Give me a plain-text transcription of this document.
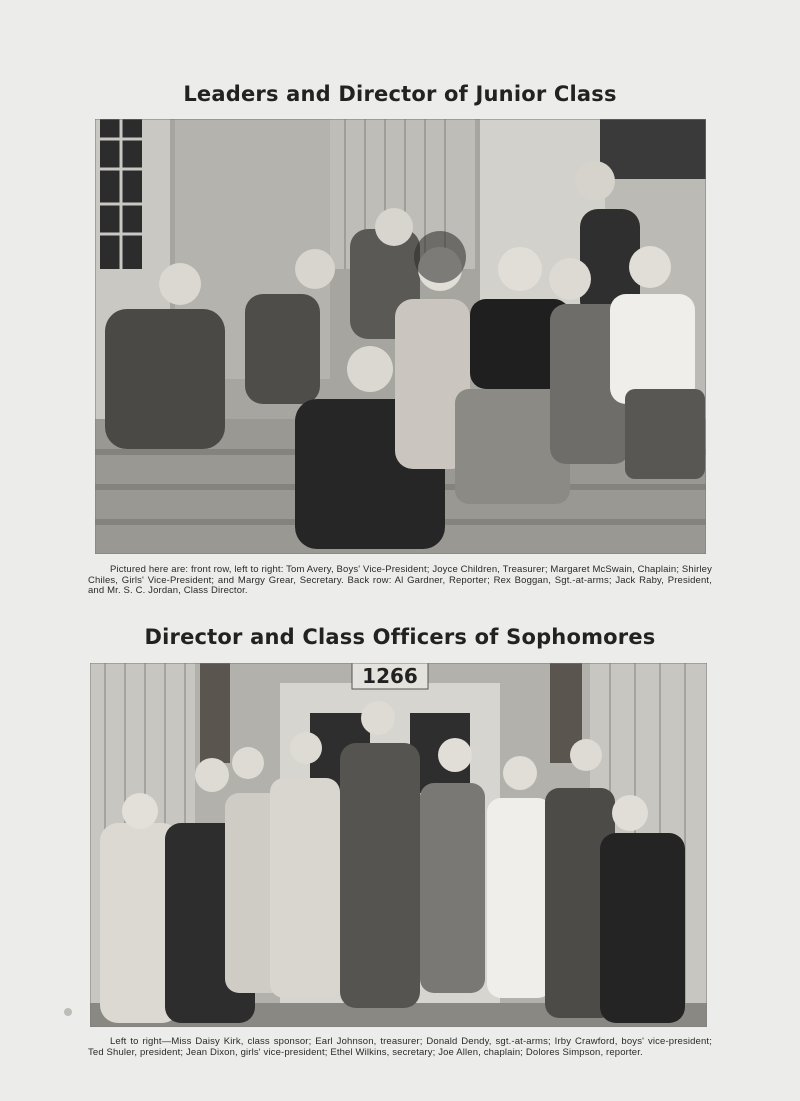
Leaders and Director of Junior Class

Pictured here are: front row, left to right: Tom Avery, Boys' Vice-President; Joyce Children, Treasurer; Margaret McSwain, Chaplain; Shirley Chiles, Girls' Vice-President; and Margy Grear, Secretary. Back row: Al Gardner, Reporter; Rex Boggan, Sgt.-at-arms; Jack Raby, President, and Mr. S. C. Jordan, Class Director.

Director and Class Officers of Sophomores
1266

Left to right—Miss Daisy Kirk, class sponsor; Earl Johnson, treasurer; Donald Dendy, sgt.-at-arms; Irby Crawford, boys' vice-president; Ted Shuler, president; Jean Dixon, girls' vice-president; Ethel Wilkins, secretary; Joe Allen, chaplain; Dolores Simpson, reporter.
